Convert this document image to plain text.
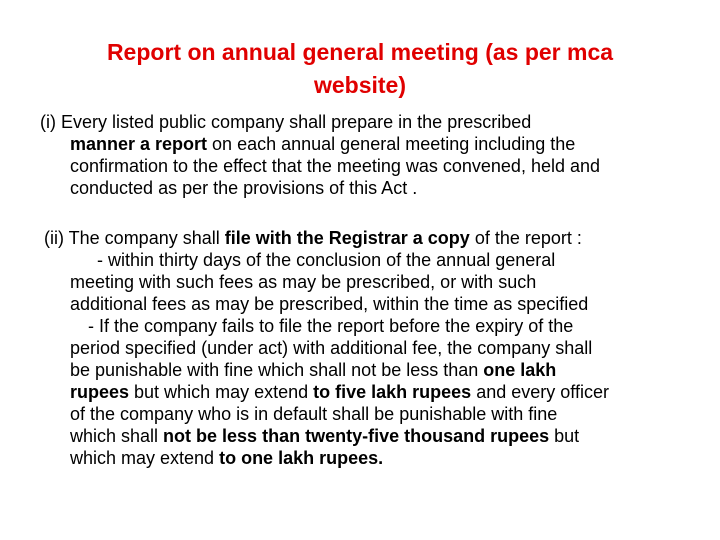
Report on annual general meeting (as per mca website)
(i) Every listed public company shall prepare in the prescribed
manner a report on each annual general meeting including the
confirmation to the effect that the meeting was convened, held and
conducted as per the provisions of this Act .
(ii) The company shall file with the Registrar a copy of the report :
- within thirty days of the conclusion of the annual general
meeting with such fees as may be prescribed, or with such
additional fees as may be prescribed, within the time as specified
- If the company fails to file the report before the expiry of the
period specified (under act) with additional fee, the company shall
be punishable with fine which shall not be less than one lakh
rupees but which may extend to five lakh rupees and every officer
of the company who is in default shall be punishable with fine
which shall not be less than twenty-five thousand rupees but
which may extend to one lakh rupees.
